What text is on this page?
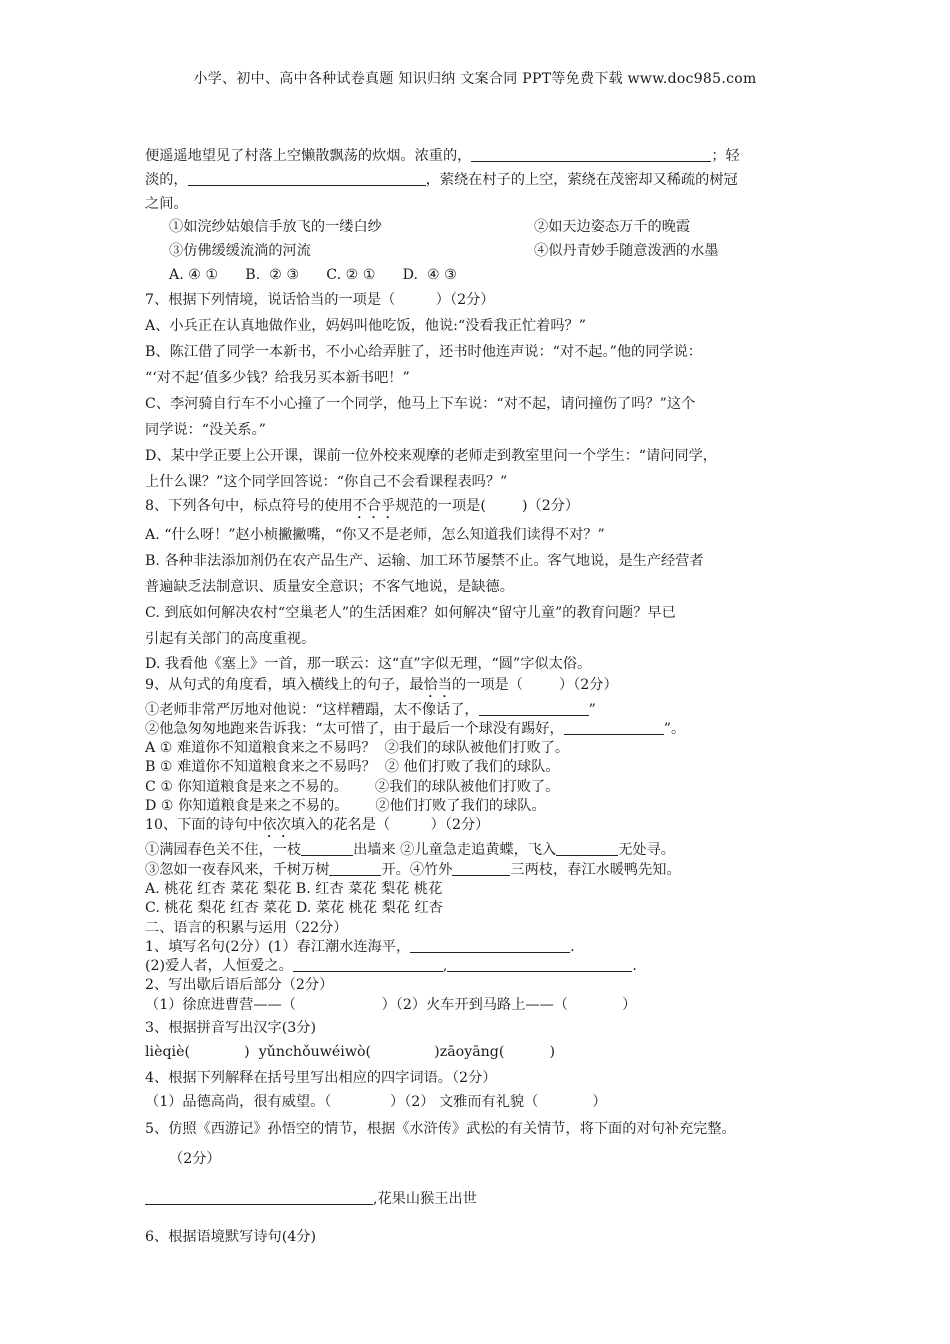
小学、初中、高中各种试卷真题 知识归纳 文案合同 PPT等免费下载 www.doc985.com
便遥遥地望见了村落上空懒散飘荡的炊烟。浓重的，	；轻
淡的，	，萦绕在村子的上空，萦绕在茂密却又稀疏的树冠
之间。
①如浣纱姑娘信手放飞的一缕白纱	②如天边姿态万千的晚霞
③仿佛缓缓流淌的河流	④似丹青妙手随意泼洒的水墨
A. ④ ①      B.  ② ③      C. ② ①      D.  ④ ③
7、根据下列情境，说话恰当的一项是（         ）（2分）
A、小兵正在认真地做作业，妈妈叫他吃饭，他说:“没看我正忙着吗？”
B、陈江借了同学一本新书，不小心给弄脏了，还书时他连声说：“对不起。”他的同学说：
“‘对不起’值多少钱？给我另买本新书吧！”
C、李河骑自行车不小心撞了一个同学，他马上下车说：“对不起，请问撞伤了吗？”这个
同学说：“没关系。”
D、某中学正要上公开课，课前一位外校来观摩的老师走到教室里问一个学生：“请问同学，
上什么课？”这个同学回答说：“你自己不会看课程表吗？”
8、下列各句中，标点符号的使用不合乎规范的一项是(        )（2分）
A. “什么呀！”赵小桢撇撇嘴，“你又不是老师，怎么知道我们读得不对？”
B. 各种非法添加剂仍在农产品生产、运输、加工环节屡禁不止。客气地说，是生产经营者
普遍缺乏法制意识、质量安全意识；不客气地说，是缺德。
C. 到底如何解决农村“空巢老人”的生活困难？如何解决“留守儿童”的教育问题？早已
引起有关部门的高度重视。
D. 我看他《塞上》一首，那一联云：这“直”字似无理，“圆”字似太俗。
9、从句式的角度看，填入横线上的句子，最恰当的一项是（        ）（2分）
①老师非常严厉地对他说：“这样糟蹋，太不像话了，	”
②他急匆匆地跑来告诉我：“太可惜了，由于最后一个球没有踢好，	”。
A ① 难道你不知道粮食来之不易吗？  ②我们的球队被他们打败了。
B ① 难道你不知道粮食来之不易吗？  ② 他们打败了我们的球队。
C ① 你知道粮食是来之不易的。      ②我们的球队被他们打败了。
D ① 你知道粮食是来之不易的。      ②他们打败了我们的球队。
10、下面的诗句中依次填入的花名是（         ）（2分）
①满园春色关不住，一枝	出墙来 ②儿童急走追黄蝶，飞入	无处寻。
③忽如一夜春风来，千树万树	开。④竹外	三两枝，春江水暖鸭先知。
A. 桃花 红杏 菜花 梨花 B. 红杏 菜花 梨花 桃花
C. 桃花 梨花 红杏 菜花 D. 菜花 桃花 梨花 红杏
二、语言的积累与运用（22分）
1、填写名句(2分）(1）春江潮水连海平，	.
(2)爱人者，人恒爱之。	,	.
2、写出歇后语后部分（2分）
（1）徐庶进曹营——（                   ）（2）火车开到马路上——（            ）
3、根据拼音写出汉字(3分)
lièqiè(            )  yǔnchǒuwéiwò(              )zāoyāng(          )
4、根据下列解释在括号里写出相应的四字词语。（2分）
（1）品德高尚，很有威望。（             ）（2） 文雅而有礼貌（            ）
5、仿照《西游记》孙悟空的情节，根据《水浒传》武松的有关情节，将下面的对句补充完整。
（2分）
,花果山猴王出世
6、根据语境默写诗句(4分)
